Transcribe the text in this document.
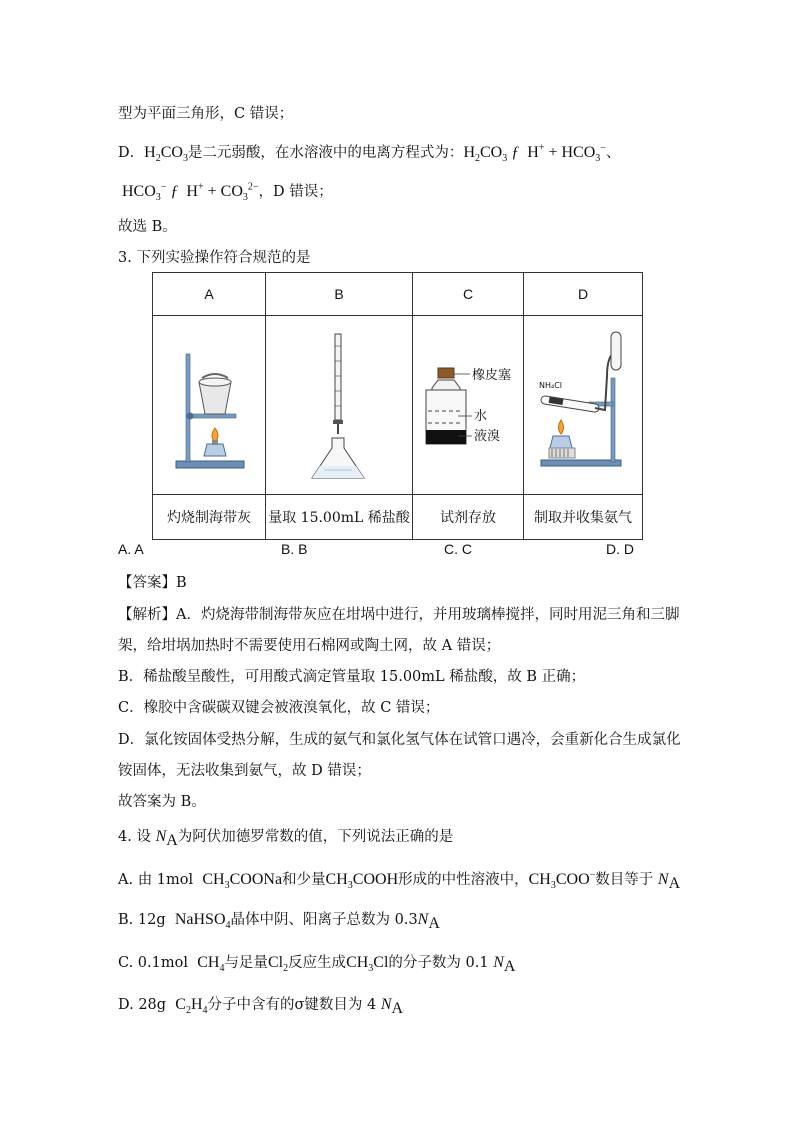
型为平面三角形，C 错误；
D．$H_2CO_3$是二元弱酸，在水溶液中的电离方程式为：$H_2CO_3$ ƒ  $H^+ + HCO_3^-$、
$HCO_3^-$ ƒ  $H^+ + CO_3^{2-}$，D 错误；
故选 B。
3. 下列实验操作符合规范的是
A	B	C	D

橡皮塞
水
液溴	NH₄Cl

灼烧制海带灰	量取 15.00mL 稀盐酸	试剂存放	制取并收集氨气
A. A	B. B	C. C	D. D
【答案】B
【解析】A．灼烧海带制海带灰应在坩埚中进行，并用玻璃棒搅拌，同时用泥三角和三脚
架，给坩埚加热时不需要使用石棉网或陶土网，故 A 错误；
B．稀盐酸呈酸性，可用酸式滴定管量取 15.00mL 稀盐酸，故 B 正确；
C．橡胶中含碳碳双键会被液溴氧化，故 C 错误；
D．氯化铵固体受热分解，生成的氨气和氯化氢气体在试管口遇冷，会重新化合生成氯化
铵固体，无法收集到氨气，故 D 错误；
故答案为 B。
4. 设 $N_A$为阿伏加德罗常数的值，下列说法正确的是
A. 由 1mol $CH_3COONa$和少量$CH_3COOH$形成的中性溶液中，$CH_3COO^-$数目等于 $N_A$
B. 12g NaHSO$_4$晶体中阴、阳离子总数为 $0.3N_A$
C. 0.1mol $CH_4$与足量$Cl_2$反应生成$CH_3Cl$的分子数为 0.1 $N_A$
D. 28g $C_2H_4$分子中含有的σ键数目为 4 $N_A$
